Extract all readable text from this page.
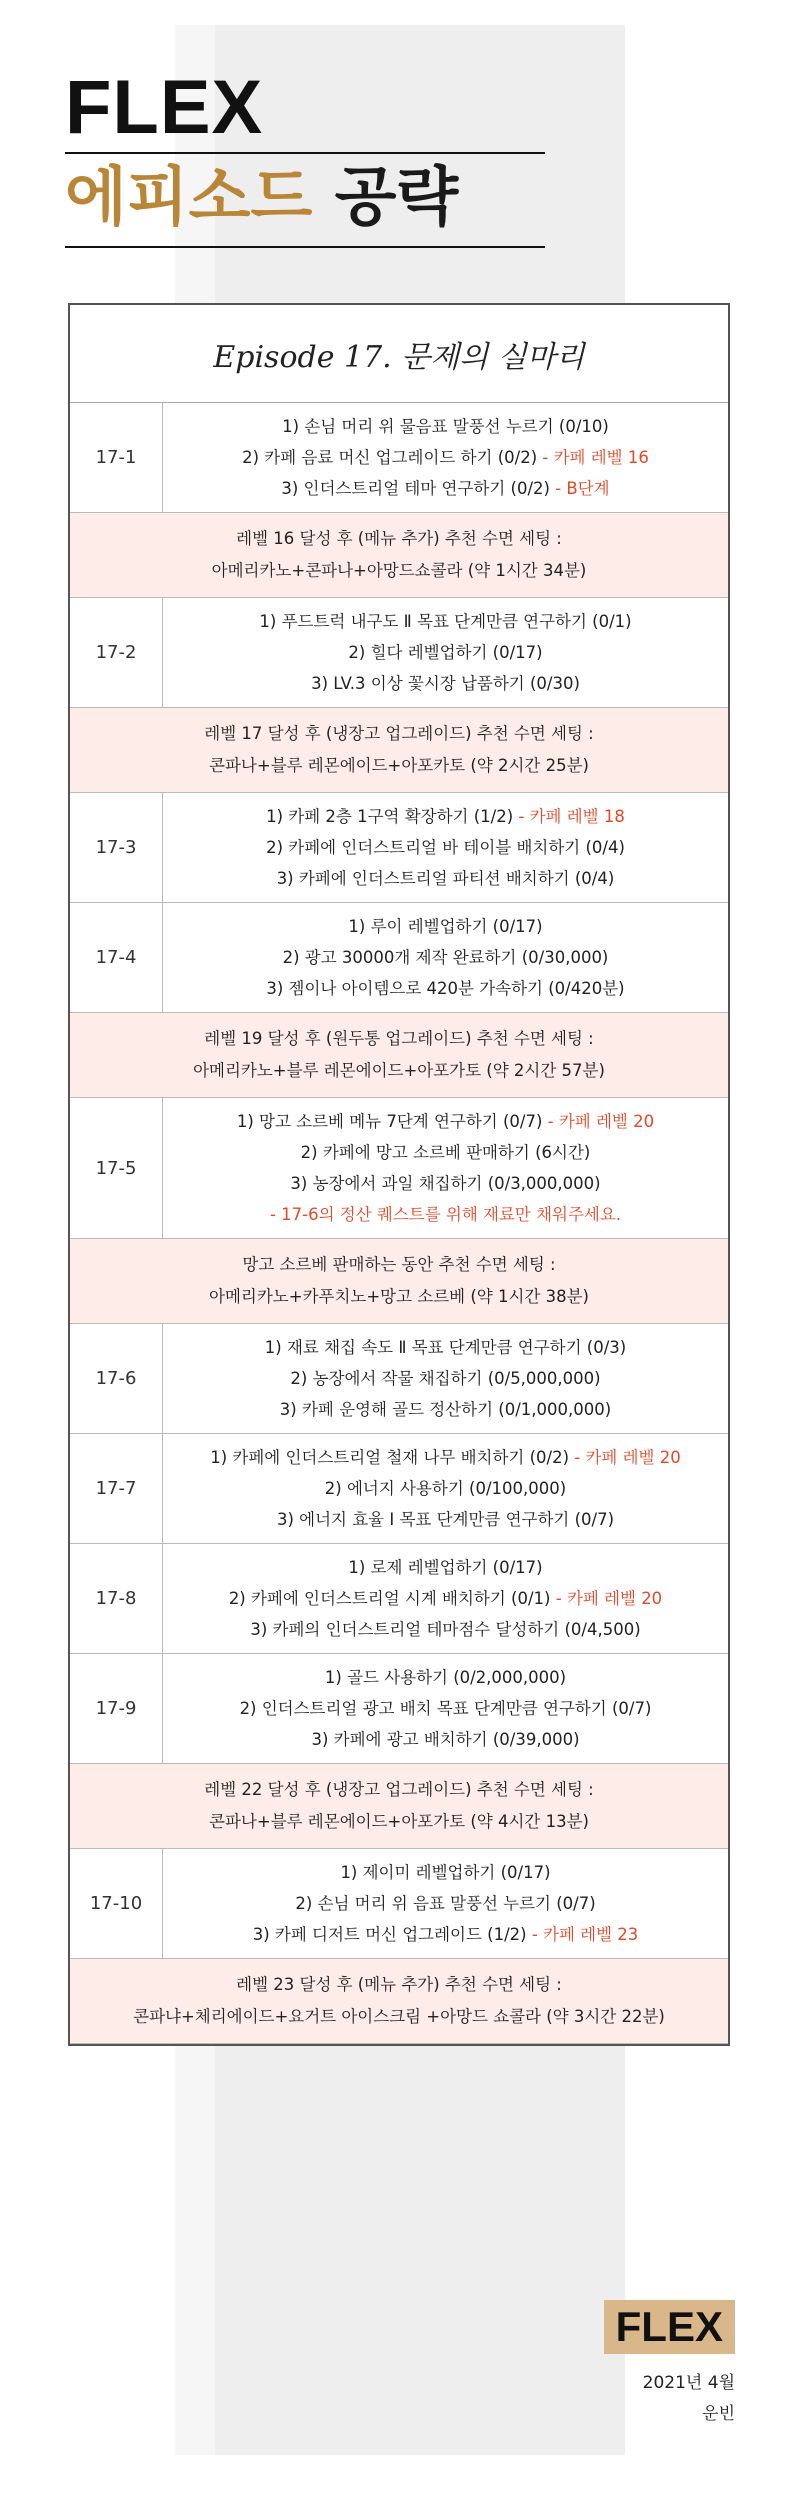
FLEX
에피소드 공략
Episode 17. 문제의 실마리
17-1
1) 손님 머리 위 물음표 말풍선 누르기 (0/10)
2) 카페 음료 머신 업그레이드 하기 (0/2) - 카페 레벨 16
3) 인더스트리얼 테마 연구하기 (0/2) - B단계
레벨 16 달성 후 (메뉴 추가) 추천 수면 세팅 :
아메리카노+콘파나+아망드쇼콜라 (약 1시간 34분)
17-2
1) 푸드트럭 내구도 Ⅱ 목표 단계만큼 연구하기 (0/1)
2) 힐다 레벨업하기 (0/17)
3) LV.3 이상 꽃시장 납품하기 (0/30)
레벨 17 달성 후 (냉장고 업그레이드) 추천 수면 세팅 :
콘파나+블루 레몬에이드+아포카토 (약 2시간 25분)
17-3
1) 카페 2층 1구역 확장하기 (1/2) - 카페 레벨 18
2) 카페에 인더스트리얼 바 테이블 배치하기 (0/4)
3) 카페에 인더스트리얼 파티션 배치하기 (0/4)
17-4
1) 루이 레벨업하기 (0/17)
2) 광고 30000개 제작 완료하기 (0/30,000)
3) 젬이나 아이템으로 420분 가속하기 (0/420분)
레벨 19 달성 후 (원두통 업그레이드) 추천 수면 세팅 :
아메리카노+블루 레몬에이드+아포가토 (약 2시간 57분)
17-5
1) 망고 소르베 메뉴 7단계 연구하기 (0/7) - 카페 레벨 20
2) 카페에 망고 소르베 판매하기 (6시간)
3) 농장에서 과일 채집하기 (0/3,000,000)
- 17-6의 정산 퀘스트를 위해 재료만 채워주세요.
망고 소르베 판매하는 동안 추천 수면 세팅 :
아메리카노+카푸치노+망고 소르베 (약 1시간 38분)
17-6
1) 재료 채집 속도 Ⅱ 목표 단계만큼 연구하기 (0/3)
2) 농장에서 작물 채집하기 (0/5,000,000)
3) 카페 운영해 골드 정산하기 (0/1,000,000)
17-7
1) 카페에 인더스트리얼 철재 나무 배치하기 (0/2) - 카페 레벨 20
2) 에너지 사용하기 (0/100,000)
3) 에너지 효율 Ⅰ 목표 단계만큼 연구하기 (0/7)
17-8
1) 로제 레벨업하기 (0/17)
2) 카페에 인더스트리얼 시계 배치하기 (0/1) - 카페 레벨 20
3) 카페의 인더스트리얼 테마점수 달성하기 (0/4,500)
17-9
1) 골드 사용하기 (0/2,000,000)
2) 인더스트리얼 광고 배치 목표 단계만큼 연구하기 (0/7)
3) 카페에 광고 배치하기 (0/39,000)
레벨 22 달성 후 (냉장고 업그레이드) 추천 수면 세팅 :
콘파나+블루 레몬에이드+아포가토 (약 4시간 13분)
17-10
1) 제이미 레벨업하기 (0/17)
2) 손님 머리 위 음표 말풍선 누르기 (0/7)
3) 카페 디저트 머신 업그레이드 (1/2) - 카페 레벨 23
레벨 23 달성 후 (메뉴 추가) 추천 수면 세팅 :
콘파냐+체리에이드+요거트 아이스크림 +아망드 쇼콜라 (약 3시간 22분)
FLEX
2021년 4월
운빈
